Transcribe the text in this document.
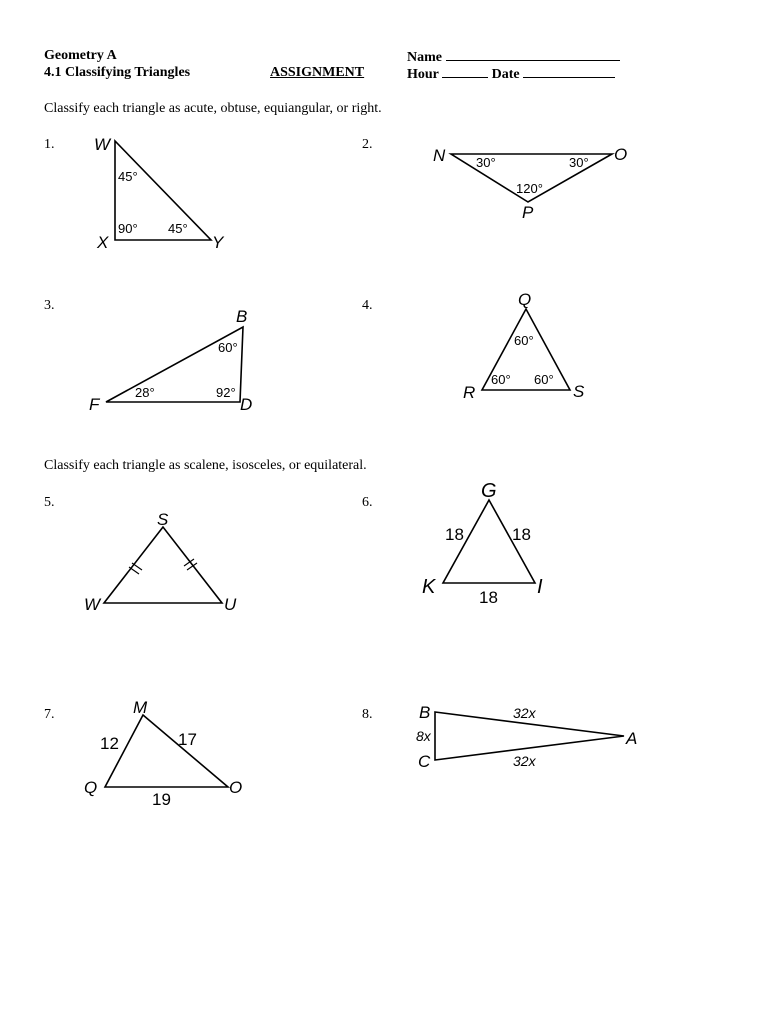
Geometry A
4.1 Classifying Triangles	ASSIGNMENT
Name
Hour	Date
Classify each triangle as acute, obtuse, equiangular, or right.
Classify each triangle as scalene, isosceles, or equilateral.
1.	2.
3.	4.
5.	6.
7.	8.
W
X	Y
45°
90° 45°
N	O
P
30°	30°
120°
B
F	D
60°
28°	92°
Q
R	S
60°
60° 60°
S
W	U
G
K	I
18	18
18
M
Q	O
12	17
19
B
C
A
32x
8x
32x
